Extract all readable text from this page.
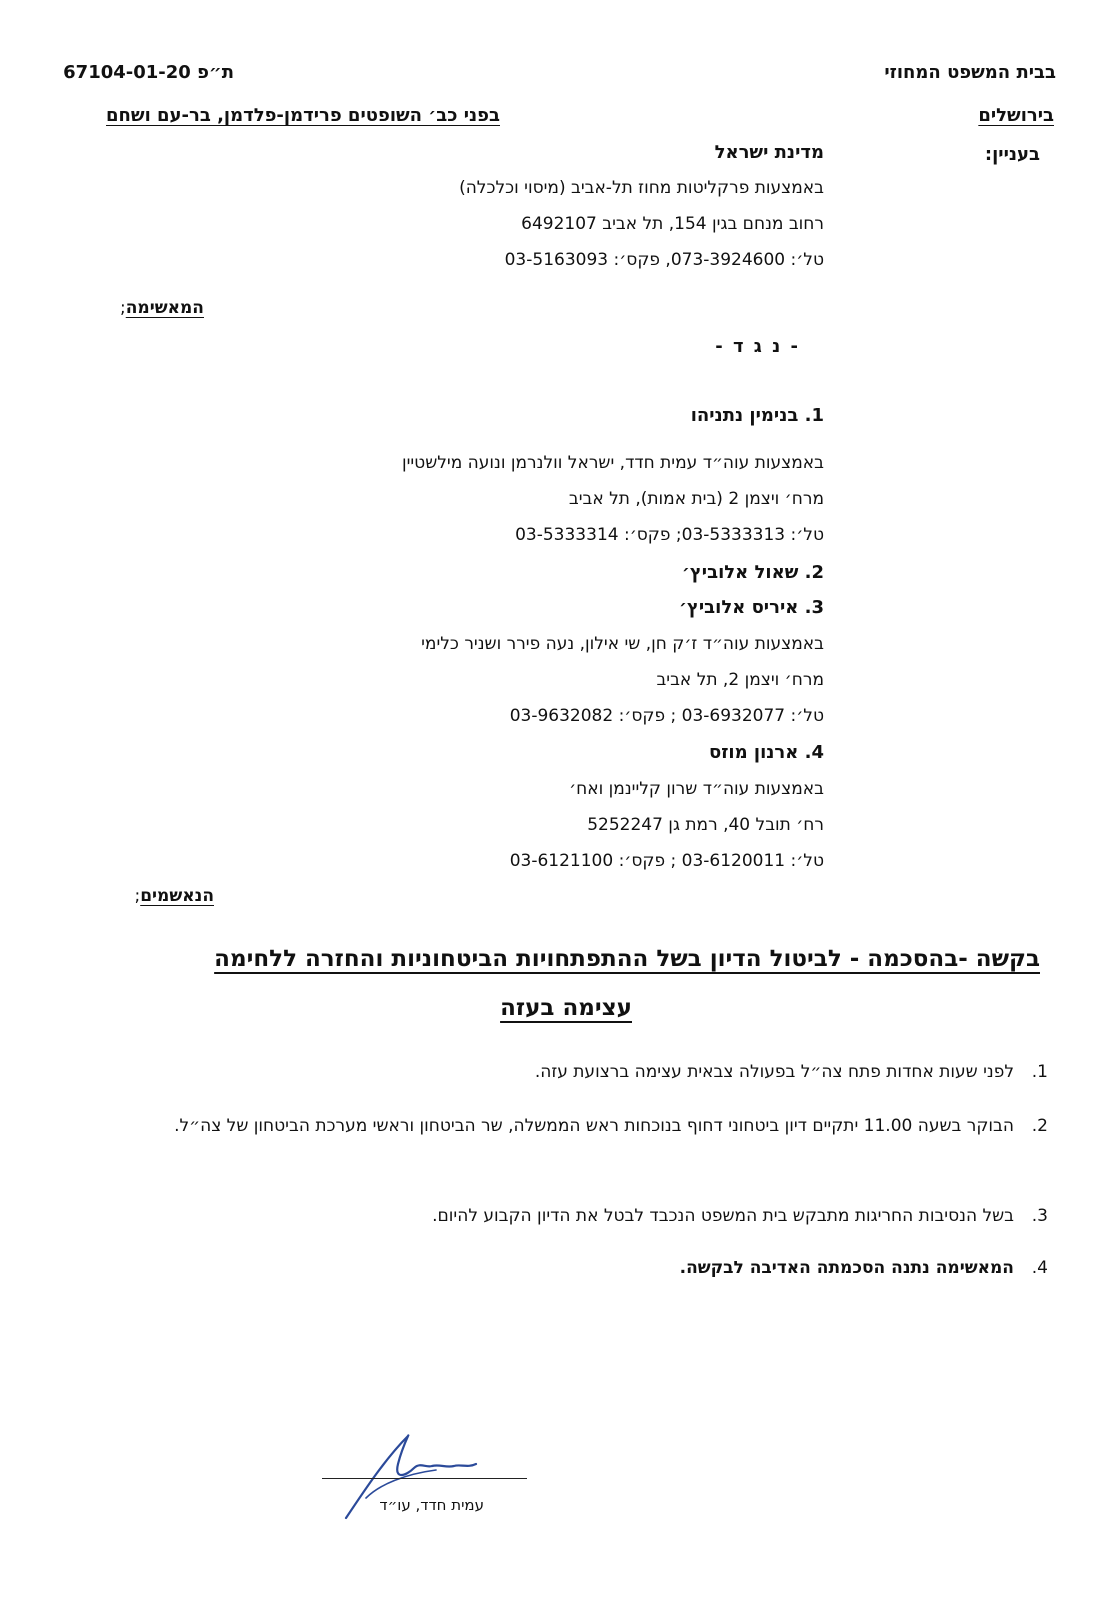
בבית המשפט המחוזי
בירושלים
ת״פ 67104-01-20
בפני כב׳ השופטים פרידמן-פלדמן, בר-עם ושחם
בעניין:
מדינת ישראל
באמצעות פרקליטות מחוז תל-אביב (מיסוי וכלכלה)
רחוב מנחם בגין 154, תל אביב 6492107
טל׳: 073-3924600, פקס׳: 03-5163093
המאשימה;
- נ ג ד -
1. בנימין נתניהו
באמצעות עוה״ד עמית חדד, ישראל וולנרמן ונועה מילשטיין
מרח׳ ויצמן 2 (בית אמות), תל אביב
טל׳: 03-5333313; פקס׳: 03-5333314
2. שאול אלוביץ׳
3. איריס אלוביץ׳
באמצעות עוה״ד ז׳ק חן, שי אילון, נעה פירר ושניר כלימי
מרח׳ ויצמן 2, תל אביב
טל׳: 03-6932077 ; פקס׳: 03-9632082
4. ארנון מוזס
באמצעות עוה״ד שרון קליינמן ואח׳
רח׳ תובל 40, רמת גן 5252247
טל׳: 03-6120011 ; פקס׳: 03-6121100
הנאשמים;
בקשה -בהסכמה - לביטול הדיון בשל ההתפתחויות הביטחוניות והחזרה ללחימה
עצימה בעזה
1.
לפני שעות אחדות פתח צה״ל בפעולה צבאית עצימה ברצועת עזה.
2.
הבוקר בשעה 11.00 יתקיים דיון ביטחוני דחוף בנוכחות ראש הממשלה, שר הביטחון וראשי מערכת הביטחון של צה״ל.
3.
בשל הנסיבות החריגות מתבקש בית המשפט הנכבד לבטל את הדיון הקבוע להיום.
4.
המאשימה נתנה הסכמתה האדיבה לבקשה.
עמית חדד, עו״ד
